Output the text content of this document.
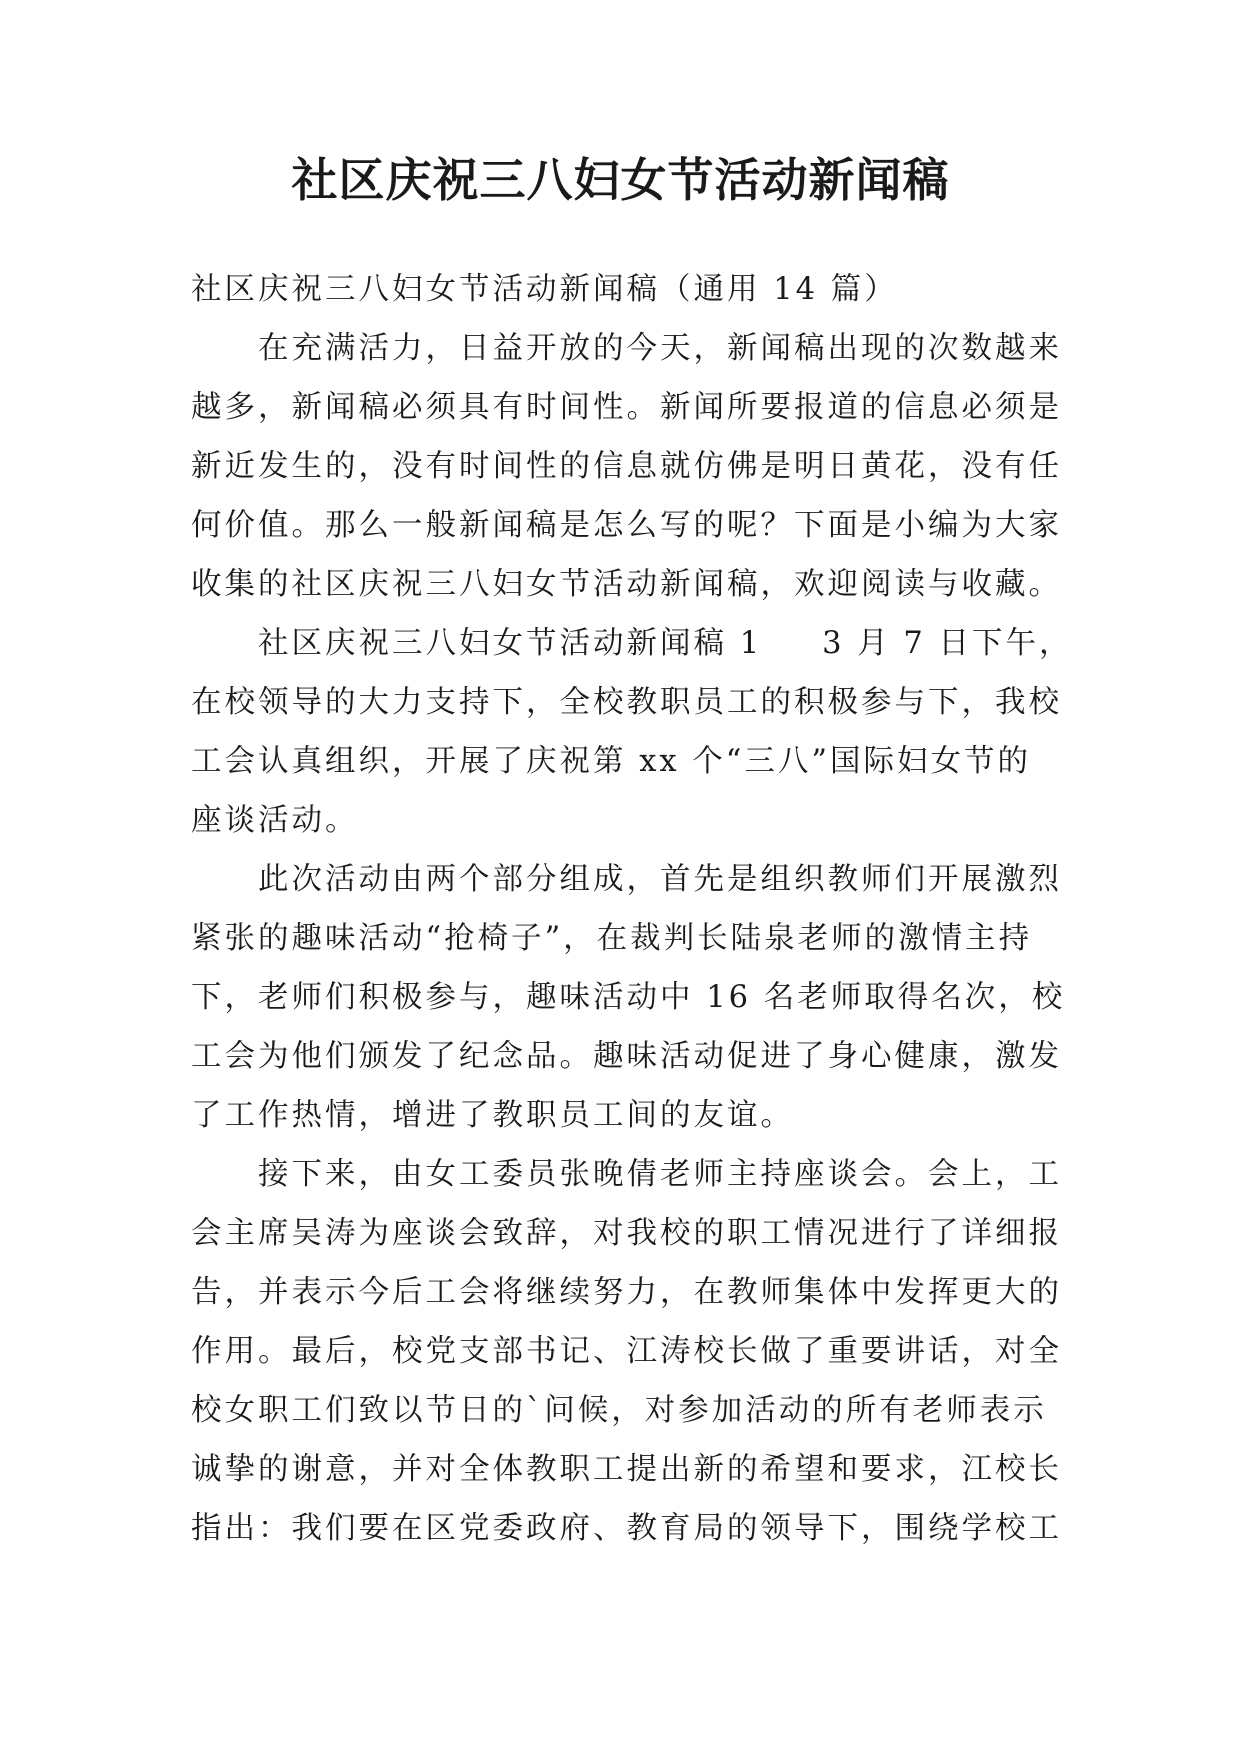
社区庆祝三八妇女节活动新闻稿

社区庆祝三八妇女节活动新闻稿（通用 14 篇）

在充满活力，日益开放的今天，新闻稿出现的次数越来

越多，新闻稿必须具有时间性。新闻所要报道的信息必须是

新近发生的，没有时间性的信息就仿佛是明日黄花，没有任

何价值。那么一般新闻稿是怎么写的呢？下面是小编为大家

收集的社区庆祝三八妇女节活动新闻稿，欢迎阅读与收藏。

社区庆祝三八妇女节活动新闻稿 1 3 月 7 日下午，

在校领导的大力支持下，全校教职员工的积极参与下，我校

工会认真组织，开展了庆祝第 xx 个“三八”国际妇女节的

座谈活动。

此次活动由两个部分组成，首先是组织教师们开展激烈

紧张的趣味活动“抢椅子”，在裁判长陆泉老师的激情主持

下，老师们积极参与，趣味活动中 16 名老师取得名次，校

工会为他们颁发了纪念品。趣味活动促进了身心健康，激发

了工作热情，增进了教职员工间的友谊。

接下来，由女工委员张晚倩老师主持座谈会。会上，工

会主席吴涛为座谈会致辞，对我校的职工情况进行了详细报

告，并表示今后工会将继续努力，在教师集体中发挥更大的

作用。最后，校党支部书记、江涛校长做了重要讲话，对全

校女职工们致以节日的`问候，对参加活动的所有老师表示

诚挚的谢意，并对全体教职工提出新的希望和要求，江校长

指出：我们要在区党委政府、教育局的领导下，围绕学校工
